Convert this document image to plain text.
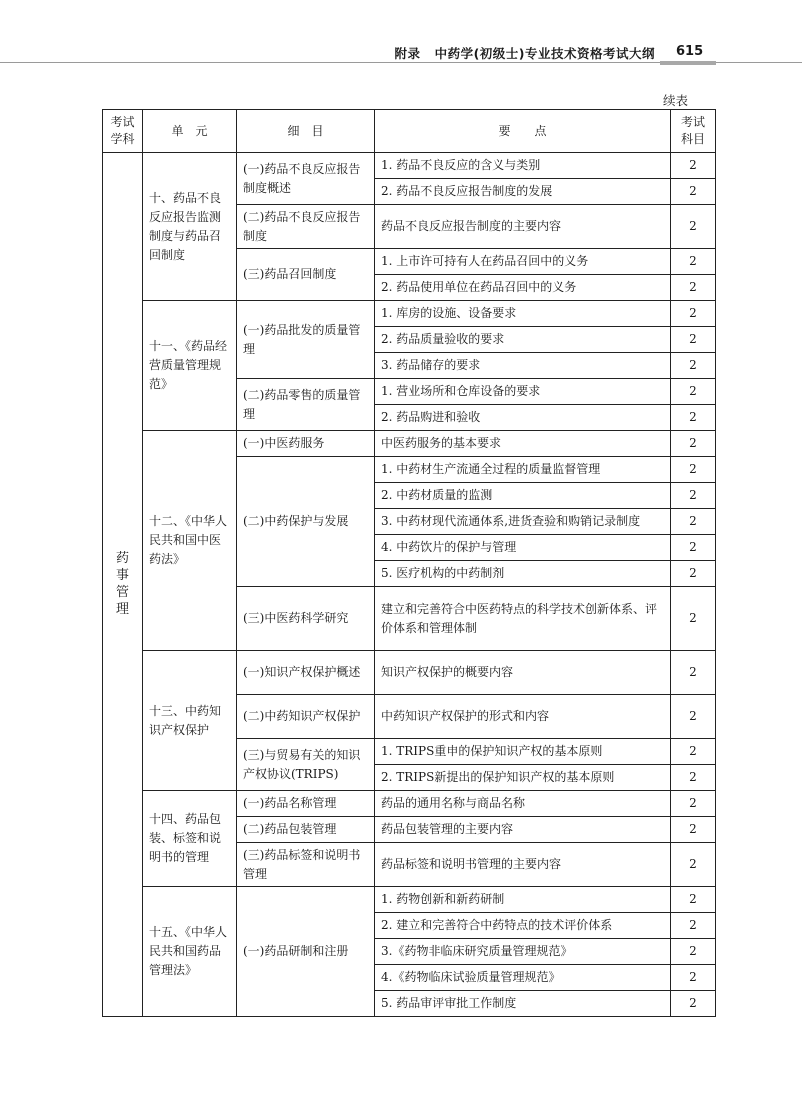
附录 中药学(初级士)专业技术资格考试大纲	615
续表
考试学科	单　元	细　目	要　　点	考试科目
药事管理	十、药品不良反应报告监测制度与药品召回制度	(一)药品不良反应报告制度概述	1. 药品不良反应的含义与类别	2
			2. 药品不良反应报告制度的发展	2
		(二)药品不良反应报告制度	药品不良反应报告制度的主要内容	2
		(三)药品召回制度	1. 上市许可持有人在药品召回中的义务	2
			2. 药品使用单位在药品召回中的义务	2
	十一、《药品经营质量管理规范》	(一)药品批发的质量管理	1. 库房的设施、设备要求	2
			2. 药品质量验收的要求	2
			3. 药品储存的要求	2
		(二)药品零售的质量管理	1. 营业场所和仓库设备的要求	2
			2. 药品购进和验收	2
	十二、《中华人民共和国中医药法》	(一)中医药服务	中医药服务的基本要求	2
		(二)中药保护与发展	1. 中药材生产流通全过程的质量监督管理	2
			2. 中药材质量的监测	2
			3. 中药材现代流通体系,进货查验和购销记录制度	2
			4. 中药饮片的保护与管理	2
			5. 医疗机构的中药制剂	2
		(三)中医药科学研究	建立和完善符合中医药特点的科学技术创新体系、评价体系和管理体制	2
	十三、中药知识产权保护	(一)知识产权保护概述	知识产权保护的概要内容	2
		(二)中药知识产权保护	中药知识产权保护的形式和内容	2
		(三)与贸易有关的知识产权协议(TRIPS)	1. TRIPS重申的保护知识产权的基本原则	2
			2. TRIPS新提出的保护知识产权的基本原则	2
	十四、药品包装、标签和说明书的管理	(一)药品名称管理	药品的通用名称与商品名称	2
		(二)药品包装管理	药品包装管理的主要内容	2
		(三)药品标签和说明书管理	药品标签和说明书管理的主要内容	2
	十五、《中华人民共和国药品管理法》	(一)药品研制和注册	1. 药物创新和新药研制	2
			2. 建立和完善符合中药特点的技术评价体系	2
			3.《药物非临床研究质量管理规范》	2
			4.《药物临床试验质量管理规范》	2
			5. 药品审评审批工作制度	2
